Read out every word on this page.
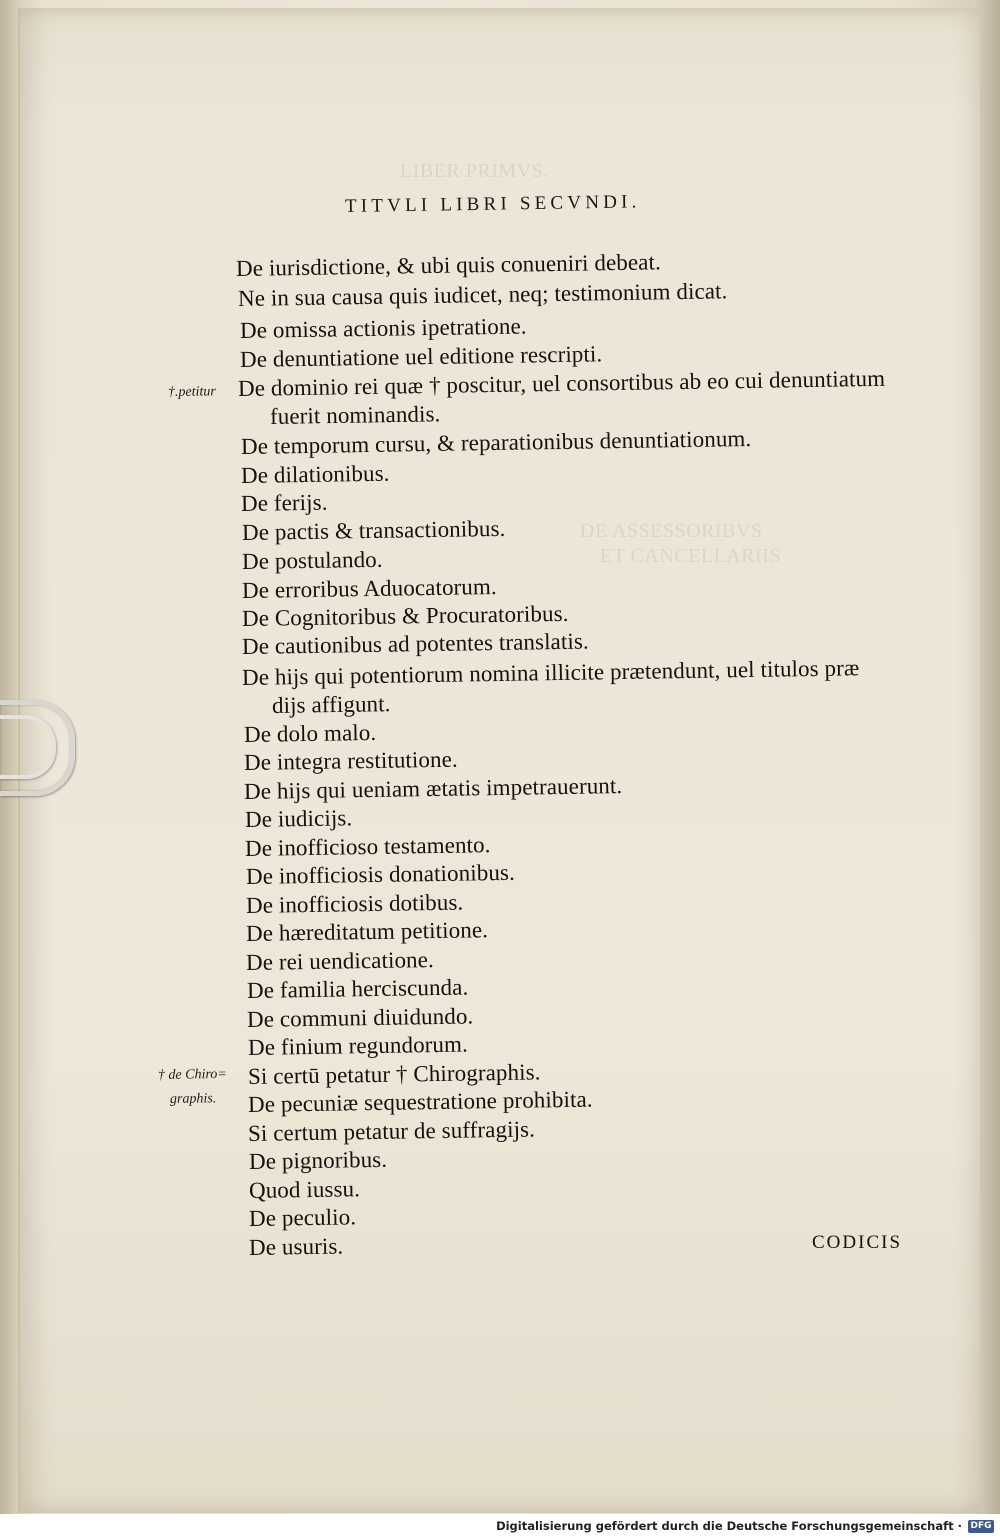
LIBER PRIMVS.
DE ASSESSORIBVS
ET CANCELLARIIS
TITVLI LIBRI SECVNDI.
De iurisdictione, & ubi quis conueniri debeat.
Ne in sua causa quis iudicet, neq; testimonium dicat.
De omissa actionis ipetratione.
De denuntiatione uel editione rescripti.
†.petitur De dominio rei quæ † poscitur, uel consortibus ab eo cui denuntiatum
fuerit nominandis.
De temporum cursu, & reparationibus denuntiationum.
De dilationibus.
De ferijs.
De pactis & transactionibus.
De postulando.
De erroribus Aduocatorum.
De Cognitoribus & Procuratoribus.
De cautionibus ad potentes translatis.
De hijs qui potentiorum nomina illicite prætendunt, uel titulos præ
dijs affigunt.
De dolo malo.
De integra restitutione.
De hijs qui ueniam ætatis impetrauerunt.
De iudicijs.
De inofficioso testamento.
De inofficiosis donationibus.
De inofficiosis dotibus.
De hæreditatum petitione.
De rei uendicatione.
De familia herciscunda.
De communi diuidundo.
De finium regundorum.
† de Chiro= Si certū petatur † Chirographis.
graphis. De pecuniæ sequestratione prohibita.
Si certum petatur de suffragijs.
De pignoribus.
Quod iussu.
De peculio.
De usuris.	CODICIS
Digitalisierung gefördert durch die Deutsche Forschungsgemeinschaft · DFG
